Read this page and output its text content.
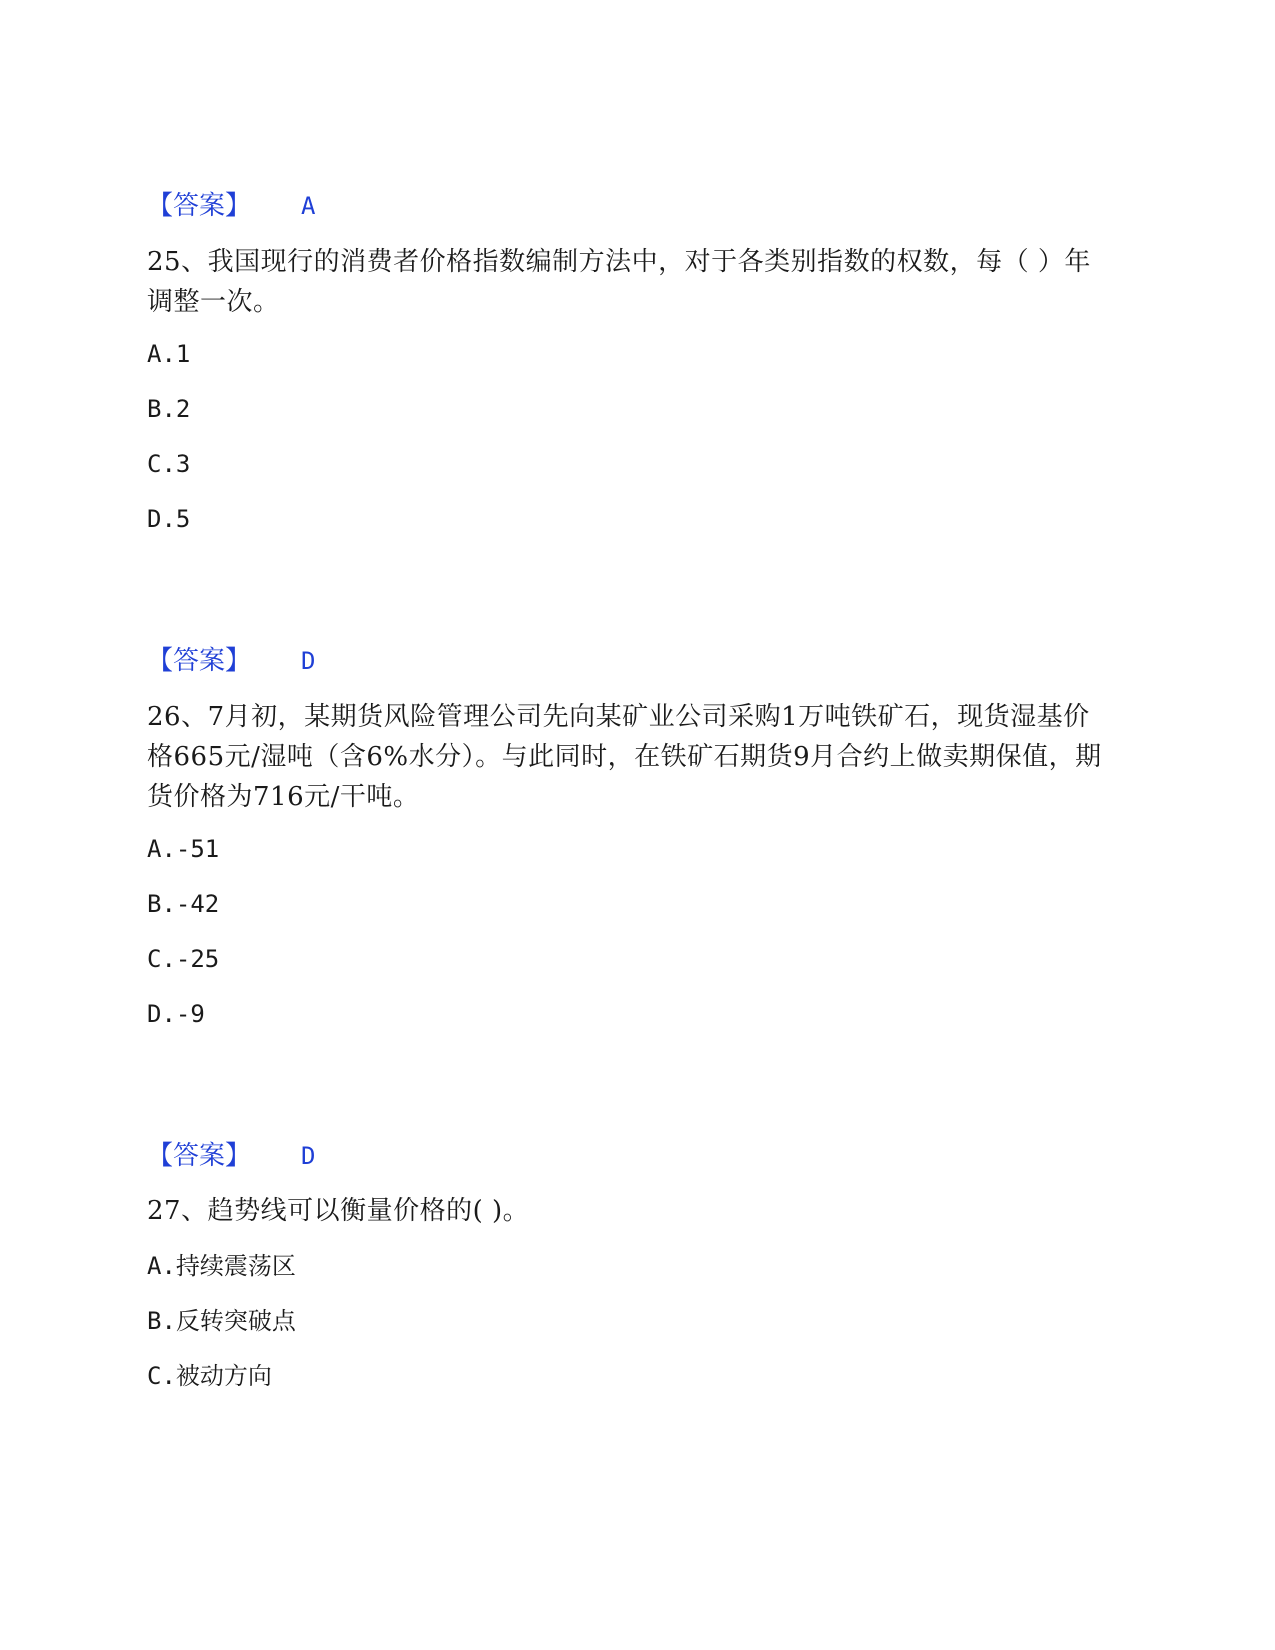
【答案】 A
25、我国现行的消费者价格指数编制方法中，对于各类别指数的权数，每（ ）年调整一次。
A.1
B.2
C.3
D.5
【答案】 D
26、7月初，某期货风险管理公司先向某矿业公司采购1万吨铁矿石，现货湿基价格665元/湿吨（含6%水分）。与此同时，在铁矿石期货9月合约上做卖期保值，期货价格为716元/干吨。
A.-51
B.-42
C.-25
D.-9
【答案】 D
27、趋势线可以衡量价格的( )。
A.持续震荡区
B.反转突破点
C.被动方向
